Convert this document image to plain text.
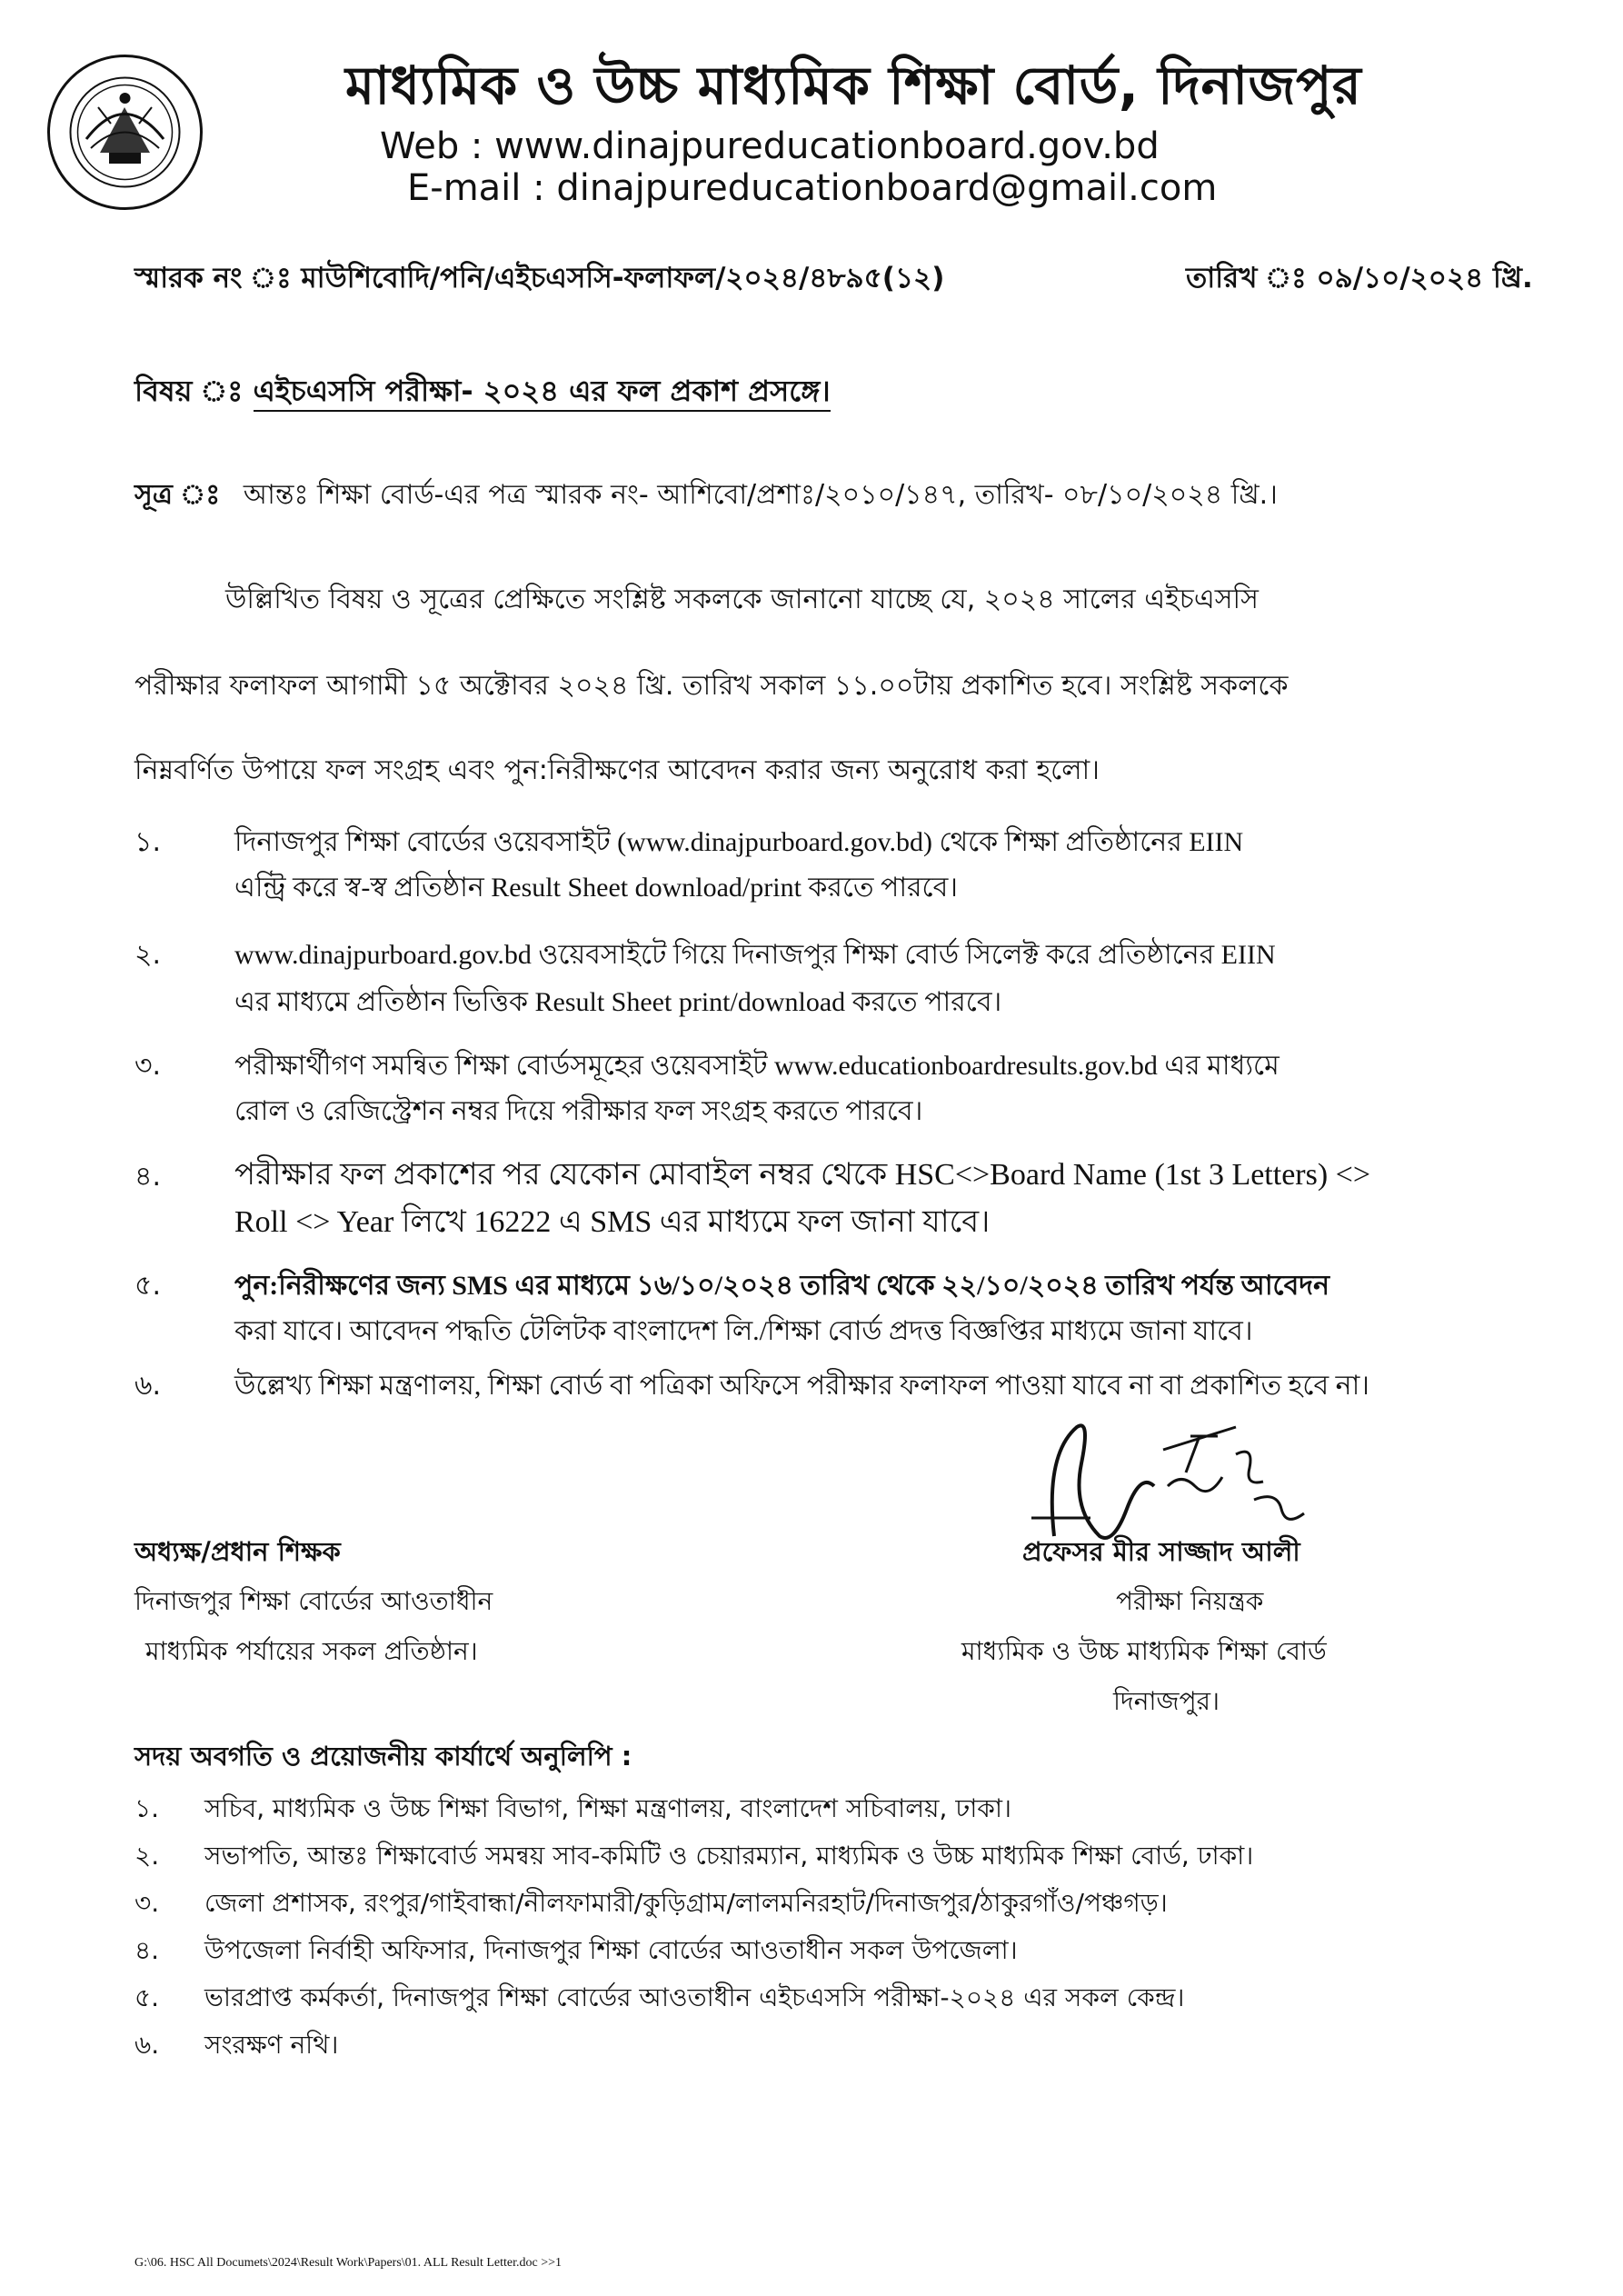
মাধ্যমিক ও উচ্চ মাধ্যমিক শিক্ষা বোর্ড, দিনাজপুর
Web : www.dinajpureducationboard.gov.bd
E-mail : dinajpureducationboard@gmail.com
স্মারক নং ঃ মাউশিবোদি/পনি/এইচএসসি-ফলাফল/২০২৪/৪৮৯৫(১২)	তারিখ ঃ ০৯/১০/২০২৪ খ্রি.
বিষয় ঃ এইচএসসি পরীক্ষা- ২০২৪ এর ফল প্রকাশ প্রসঙ্গে।
সূত্র ঃ আন্তঃ শিক্ষা বোর্ড-এর পত্র স্মারক নং- আশিবো/প্রশাঃ/২০১০/১৪৭, তারিখ- ০৮/১০/২০২৪ খ্রি.।
উল্লিখিত বিষয় ও সূত্রের প্রেক্ষিতে সংশ্লিষ্ট সকলকে জানানো যাচ্ছে যে, ২০২৪ সালের এইচএসসি
পরীক্ষার ফলাফল আগামী ১৫ অক্টোবর ২০২৪ খ্রি. তারিখ সকাল ১১.০০টায় প্রকাশিত হবে। সংশ্লিষ্ট সকলকে
নিম্নবর্ণিত উপায়ে ফল সংগ্রহ এবং পুন:নিরীক্ষণের আবেদন করার জন্য অনুরোধ করা হলো।
১.	দিনাজপুর শিক্ষা বোর্ডের ওয়েবসাইট (www.dinajpurboard.gov.bd) থেকে শিক্ষা প্রতিষ্ঠানের EIIN
এন্ট্রি করে স্ব-স্ব প্রতিষ্ঠান Result Sheet download/print করতে পারবে।
২.	www.dinajpurboard.gov.bd ওয়েবসাইটে গিয়ে দিনাজপুর শিক্ষা বোর্ড সিলেক্ট করে প্রতিষ্ঠানের EIIN
এর মাধ্যমে প্রতিষ্ঠান ভিত্তিক Result Sheet print/download করতে পারবে।
৩.	পরীক্ষার্থীগণ সমন্বিত শিক্ষা বোর্ডসমূহের ওয়েবসাইট www.educationboardresults.gov.bd এর মাধ্যমে
রোল ও রেজিস্ট্রেশন নম্বর দিয়ে পরীক্ষার ফল সংগ্রহ করতে পারবে।
৪.	পরীক্ষার ফল প্রকাশের পর যেকোন মোবাইল নম্বর থেকে HSC<>Board Name (1st 3 Letters) <>
Roll <> Year লিখে 16222 এ SMS এর মাধ্যমে ফল জানা যাবে।
৫.	পুন:নিরীক্ষণের জন্য SMS এর মাধ্যমে ১৬/১০/২০২৪ তারিখ থেকে ২২/১০/২০২৪ তারিখ পর্যন্ত আবেদন
করা যাবে। আবেদন পদ্ধতি টেলিটক বাংলাদেশ লি./শিক্ষা বোর্ড প্রদত্ত বিজ্ঞপ্তির মাধ্যমে জানা যাবে।
৬.	উল্লেখ্য শিক্ষা মন্ত্রণালয়, শিক্ষা বোর্ড বা পত্রিকা অফিসে পরীক্ষার ফলাফল পাওয়া যাবে না বা প্রকাশিত হবে না।
প্রফেসর মীর সাজ্জাদ আলী
পরীক্ষা নিয়ন্ত্রক
মাধ্যমিক ও উচ্চ মাধ্যমিক শিক্ষা বোর্ড
দিনাজপুর।
অধ্যক্ষ/প্রধান শিক্ষক
দিনাজপুর শিক্ষা বোর্ডের আওতাধীন
মাধ্যমিক পর্যায়ের সকল প্রতিষ্ঠান।
সদয় অবগতি ও প্রয়োজনীয় কার্যার্থে অনুলিপি :
১. সচিব, মাধ্যমিক ও উচ্চ শিক্ষা বিভাগ, শিক্ষা মন্ত্রণালয়, বাংলাদেশ সচিবালয়, ঢাকা।
২. সভাপতি, আন্তঃ শিক্ষাবোর্ড সমন্বয় সাব-কমিটি ও চেয়ারম্যান, মাধ্যমিক ও উচ্চ মাধ্যমিক শিক্ষা বোর্ড, ঢাকা।
৩. জেলা প্রশাসক, রংপুর/গাইবান্ধা/নীলফামারী/কুড়িগ্রাম/লালমনিরহাট/দিনাজপুর/ঠাকুরগাঁও/পঞ্চগড়।
৪. উপজেলা নির্বাহী অফিসার, দিনাজপুর শিক্ষা বোর্ডের আওতাধীন সকল উপজেলা।
৫. ভারপ্রাপ্ত কর্মকর্তা, দিনাজপুর শিক্ষা বোর্ডের আওতাধীন এইচএসসি পরীক্ষা-২০২৪ এর সকল কেন্দ্র।
৬. সংরক্ষণ নথি।
G:\06. HSC All Documets\2024\Result Work\Papers\01. ALL Result Letter.doc >>1
